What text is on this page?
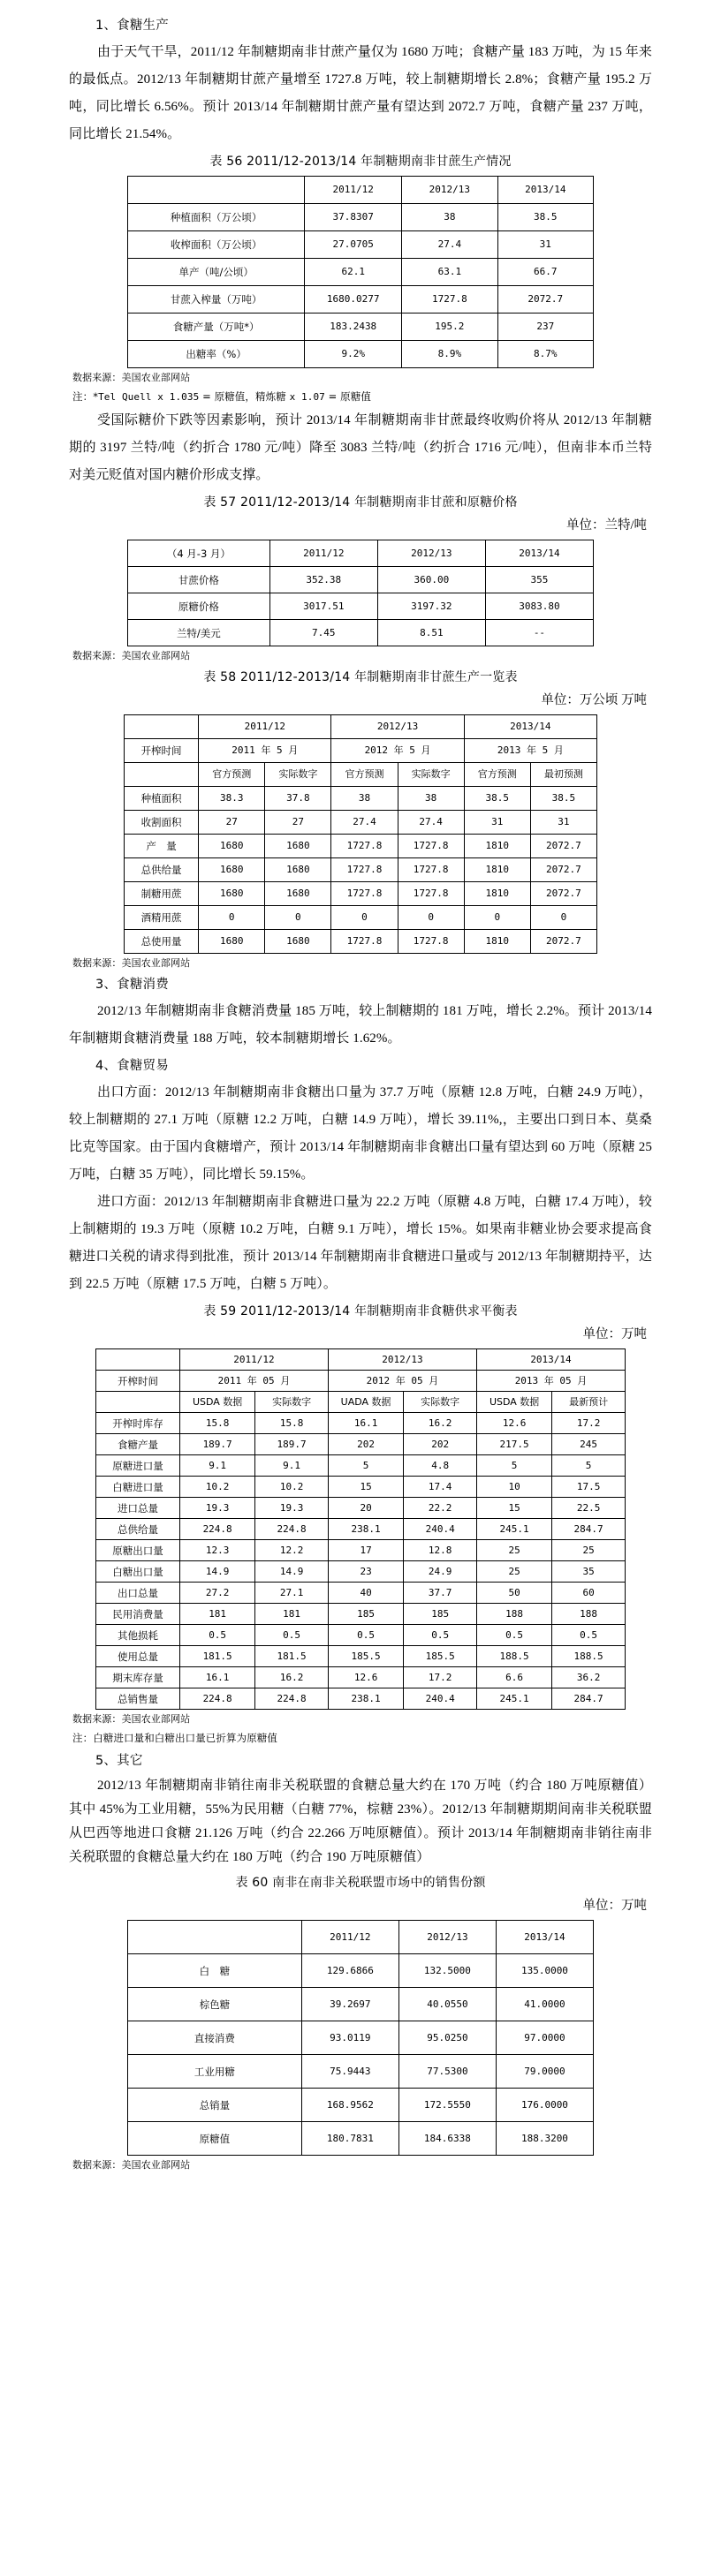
1、食糖生产

由于天气干旱，2011/12 年制糖期南非甘蔗产量仅为 1680 万吨；食糖产量 183 万吨，为 15 年来的最低点。2012/13 年制糖期甘蔗产量增至 1727.8 万吨，较上制糖期增长 2.8%；食糖产量 195.2 万吨，同比增长 6.56%。预计 2013/14 年制糖期甘蔗产量有望达到 2072.7 万吨，食糖产量 237 万吨，同比增长 21.54%。

表 56 2011/12-2013/14 年制糖期南非甘蔗生产情况
	2011/12	2012/13	2013/14
种植面积（万公顷）	37.8307	38	38.5
收榨面积（万公顷）	27.0705	27.4	31
单产（吨/公顷）	62.1	63.1	66.7
甘蔗入榨量（万吨）	1680.0277	1727.8	2072.7
食糖产量（万吨*）	183.2438	195.2	237
出糖率（%）	9.2%	8.9%	8.7%
数据来源：美国农业部网站
注：*Tel Quell x 1.035 = 原糖值，精炼糖 x 1.07 = 原糖值

受国际糖价下跌等因素影响，预计 2013/14 年制糖期南非甘蔗最终收购价将从 2012/13 年制糖期的 3197 兰特/吨（约折合 1780 元/吨）降至 3083 兰特/吨（约折合 1716 元/吨），但南非本币兰特对美元贬值对国内糖价形成支撑。

表 57 2011/12-2013/14 年制糖期南非甘蔗和原糖价格
单位：兰特/吨
（4 月-3 月）	2011/12	2012/13	2013/14
甘蔗价格	352.38	360.00	355
原糖价格	3017.51	3197.32	3083.80
兰特/美元	7.45	8.51	--
数据来源：美国农业部网站
表 58 2011/12-2013/14 年制糖期南非甘蔗生产一览表
单位：万公顷 万吨
	2011/12		2012/13		2013/14	
开榨时间	2011 年 5 月		2012 年 5 月		2013 年 5 月	
	官方预测	实际数字	官方预测	实际数字	官方预测	最初预测
种植面积	38.3	37.8	38	38	38.5	38.5
收割面积	27	27	27.4	27.4	31	31
产　量	1680	1680	1727.8	1727.8	1810	2072.7
总供给量	1680	1680	1727.8	1727.8	1810	2072.7
制糖用蔗	1680	1680	1727.8	1727.8	1810	2072.7
酒精用蔗	0	0	0	0	0	0
总使用量	1680	1680	1727.8	1727.8	1810	2072.7
数据来源：美国农业部网站
3、食糖消费

2012/13 年制糖期南非食糖消费量 185 万吨，较上制糖期的 181 万吨，增长 2.2%。预计 2013/14 年制糖期食糖消费量 188 万吨，较本制糖期增长 1.62%。

4、食糖贸易

出口方面：2012/13 年制糖期南非食糖出口量为 37.7 万吨（原糖 12.8 万吨，白糖 24.9 万吨），较上制糖期的 27.1 万吨（原糖 12.2 万吨，白糖 14.9 万吨），增长 39.11%,，主要出口到日本、莫桑比克等国家。由于国内食糖增产，预计 2013/14 年制糖期南非食糖出口量有望达到 60 万吨（原糖 25 万吨，白糖 35 万吨），同比增长 59.15%。

进口方面：2012/13 年制糖期南非食糖进口量为 22.2 万吨（原糖 4.8 万吨，白糖 17.4 万吨），较上制糖期的 19.3 万吨（原糖 10.2 万吨，白糖 9.1 万吨），增长 15%。如果南非糖业协会要求提高食糖进口关税的请求得到批准，预计 2013/14 年制糖期南非食糖进口量或与 2012/13 年制糖期持平，达到 22.5 万吨（原糖 17.5 万吨，白糖 5 万吨）。

表 59 2011/12-2013/14 年制糖期南非食糖供求平衡表
单位：万吨
	2011/12		2012/13		2013/14	
开榨时间	2011 年 05 月		2012 年 05 月		2013 年 05 月	
	USDA 数据	实际数字	UADA 数据	实际数字	USDA 数据	最新预计
开榨时库存	15.8	15.8	16.1	16.2	12.6	17.2
食糖产量	189.7	189.7	202	202	217.5	245
原糖进口量	9.1	9.1	5	4.8	5	5
白糖进口量	10.2	10.2	15	17.4	10	17.5
进口总量	19.3	19.3	20	22.2	15	22.5
总供给量	224.8	224.8	238.1	240.4	245.1	284.7
原糖出口量	12.3	12.2	17	12.8	25	25
白糖出口量	14.9	14.9	23	24.9	25	35
出口总量	27.2	27.1	40	37.7	50	60
民用消费量	181	181	185	185	188	188
其他损耗	0.5	0.5	0.5	0.5	0.5	0.5
使用总量	181.5	181.5	185.5	185.5	188.5	188.5
期末库存量	16.1	16.2	12.6	17.2	6.6	36.2
总销售量	224.8	224.8	238.1	240.4	245.1	284.7
数据来源：美国农业部网站
注：白糖进口量和白糖出口量已折算为原糖值
5、其它

2012/13 年制糖期南非销往南非关税联盟的食糖总量大约在 170 万吨（约合 180 万吨原糖值）其中 45%为工业用糖，55%为民用糖（白糖 77%，棕糖 23%）。2012/13 年制糖期期间南非关税联盟从巴西等地进口食糖 21.126 万吨（约合 22.266 万吨原糖值）。预计 2013/14 年制糖期南非销往南非关税联盟的食糖总量大约在 180 万吨（约合 190 万吨原糖值）

表 60 南非在南非关税联盟市场中的销售份额
单位：万吨
	2011/12	2012/13	2013/14
白　糖	129.6866	132.5000	135.0000
棕色糖	39.2697	40.0550	41.0000
直接消费	93.0119	95.0250	97.0000
工业用糖	75.9443	77.5300	79.0000
总销量	168.9562	172.5550	176.0000
原糖值	180.7831	184.6338	188.3200
数据来源：美国农业部网站
